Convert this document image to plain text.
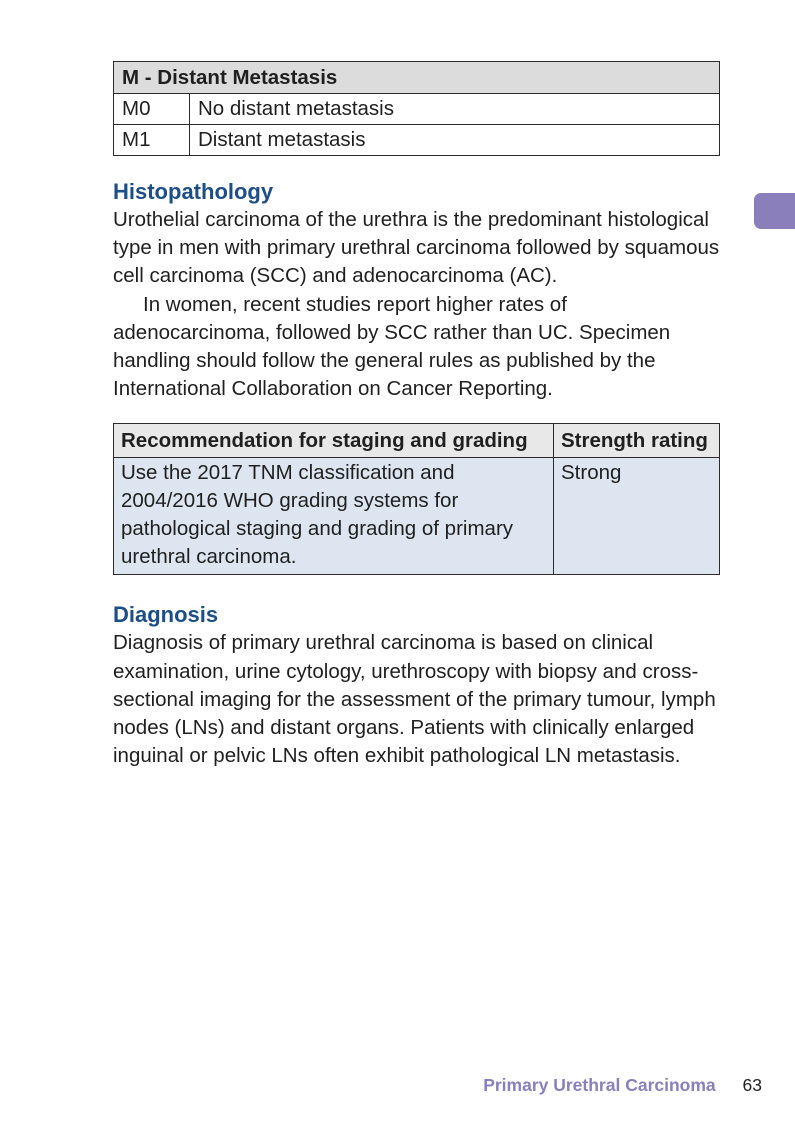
M - Distant Metastasis	
M0	No distant metastasis
M1	Distant metastasis
Histopathology

Urothelial carcinoma of the urethra is the predominant histological type in men with primary urethral carcinoma followed by squamous cell carcinoma (SCC) and adenocarcinoma (AC).

In women, recent studies report higher rates of adenocarcinoma, followed by SCC rather than UC. Specimen handling should follow the general rules as published by the International Collaboration on Cancer Reporting.

Recommendation for staging and grading	Strength rating
Use the 2017 TNM classification and 2004/2016 WHO grading systems for pathological staging and grading of primary urethral carcinoma.	Strong
Diagnosis

Diagnosis of primary urethral carcinoma is based on clinical examination, urine cytology, urethroscopy with biopsy and cross-sectional imaging for the assessment of the primary tumour, lymph nodes (LNs) and distant organs. Patients with clinically enlarged inguinal or pelvic LNs often exhibit pathological LN metastasis.

Primary Urethral Carcinoma 63
